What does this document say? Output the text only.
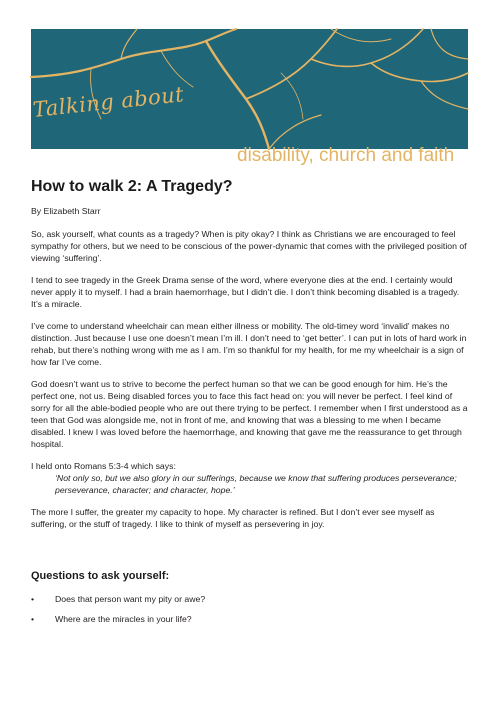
Talking about

disability, church and faith

How to walk 2: A Tragedy?

By Elizabeth Starr

So, ask yourself, what counts as a tragedy? When is pity okay? I think as Christians we are encouraged to feel sympathy for others, but we need to be conscious of the power-dynamic that comes with the privileged position of viewing ‘suffering’.

I tend to see tragedy in the Greek Drama sense of the word, where everyone dies at the end. I certainly would never apply it to myself. I had a brain haemorrhage, but I didn’t die. I don’t think becoming disabled is a tragedy. It’s a miracle.

I’ve come to understand wheelchair can mean either illness or mobility. The old-timey word ‘invalid’ makes no distinction. Just because I use one doesn’t mean I’m ill. I don’t need to ‘get better’. I can put in lots of hard work in rehab, but there’s nothing wrong with me as I am. I’m so thankful for my health, for me my wheelchair is a sign of how far I’ve come.

God doesn’t want us to strive to become the perfect human so that we can be good enough for him. He’s the perfect one, not us. Being disabled forces you to face this fact head on: you will never be perfect. I feel kind of sorry for all the able-bodied people who are out there trying to be perfect. I remember when I first understood as a teen that God was alongside me, not in front of me, and knowing that was a blessing to me when I became disabled. I knew I was loved before the haemorrhage, and knowing that gave me the reassurance to get through hospital.

I held onto Romans 5:3-4 which says:
‘Not only so, but we also glory in our sufferings, because we know that suffering produces perseverance; perseverance, character; and character, hope.’

The more I suffer, the greater my capacity to hope. My character is refined. But I don’t ever see myself as suffering, or the stuff of tragedy. I like to think of myself as persevering in joy.

Questions to ask yourself:
• Does that person want my pity or awe?
• Where are the miracles in your life?
